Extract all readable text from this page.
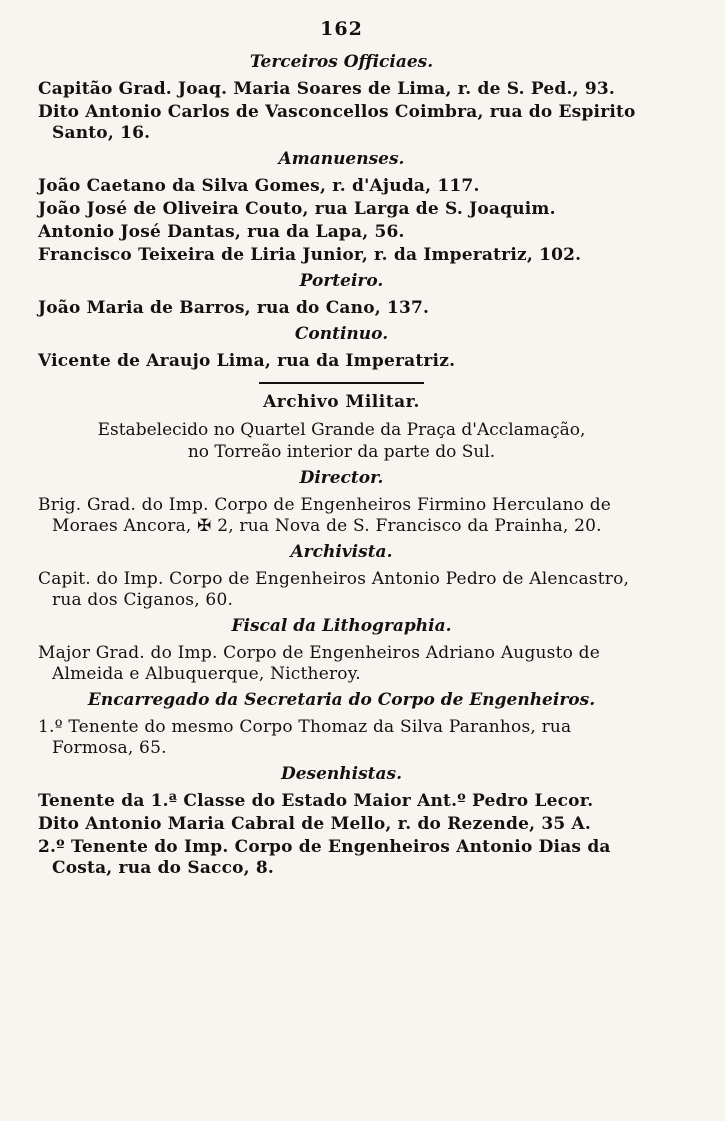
162
Terceiros Officiaes.

Capitão Grad. Joaq. Maria Soares de Lima, r. de S. Ped., 93.

Dito Antonio Carlos de Vasconcellos Coimbra, rua do Espirito Santo, 16.

Amanuenses.

João Caetano da Silva Gomes, r. d'Ajuda, 117.

João José de Oliveira Couto, rua Larga de S. Joaquim.

Antonio José Dantas, rua da Lapa, 56.

Francisco Teixeira de Liria Junior, r. da Imperatriz, 102.

Porteiro.

João Maria de Barros, rua do Cano, 137.

Continuo.

Vicente de Araujo Lima, rua da Imperatriz.

Archivo Militar.

Estabelecido no Quartel Grande da Praça d'Acclamação,

no Torreão interior da parte do Sul.

Director.

Brig. Grad. do Imp. Corpo de Engenheiros Firmino Herculano de Moraes Ancora, ✠ 2, rua Nova de S. Francisco da Prainha, 20.

Archivista.

Capit. do Imp. Corpo de Engenheiros Antonio Pedro de Alencastro, rua dos Ciganos, 60.

Fiscal da Lithographia.

Major Grad. do Imp. Corpo de Engenheiros Adriano Augusto de Almeida e Albuquerque, Nictheroy.

Encarregado da Secretaria do Corpo de Engenheiros.

1.º Tenente do mesmo Corpo Thomaz da Silva Paranhos, rua Formosa, 65.

Desenhistas.

Tenente da 1.ª Classe do Estado Maior Ant.º Pedro Lecor.

Dito Antonio Maria Cabral de Mello, r. do Rezende, 35 A.

2.º Tenente do Imp. Corpo de Engenheiros Antonio Dias da Costa, rua do Sacco, 8.
